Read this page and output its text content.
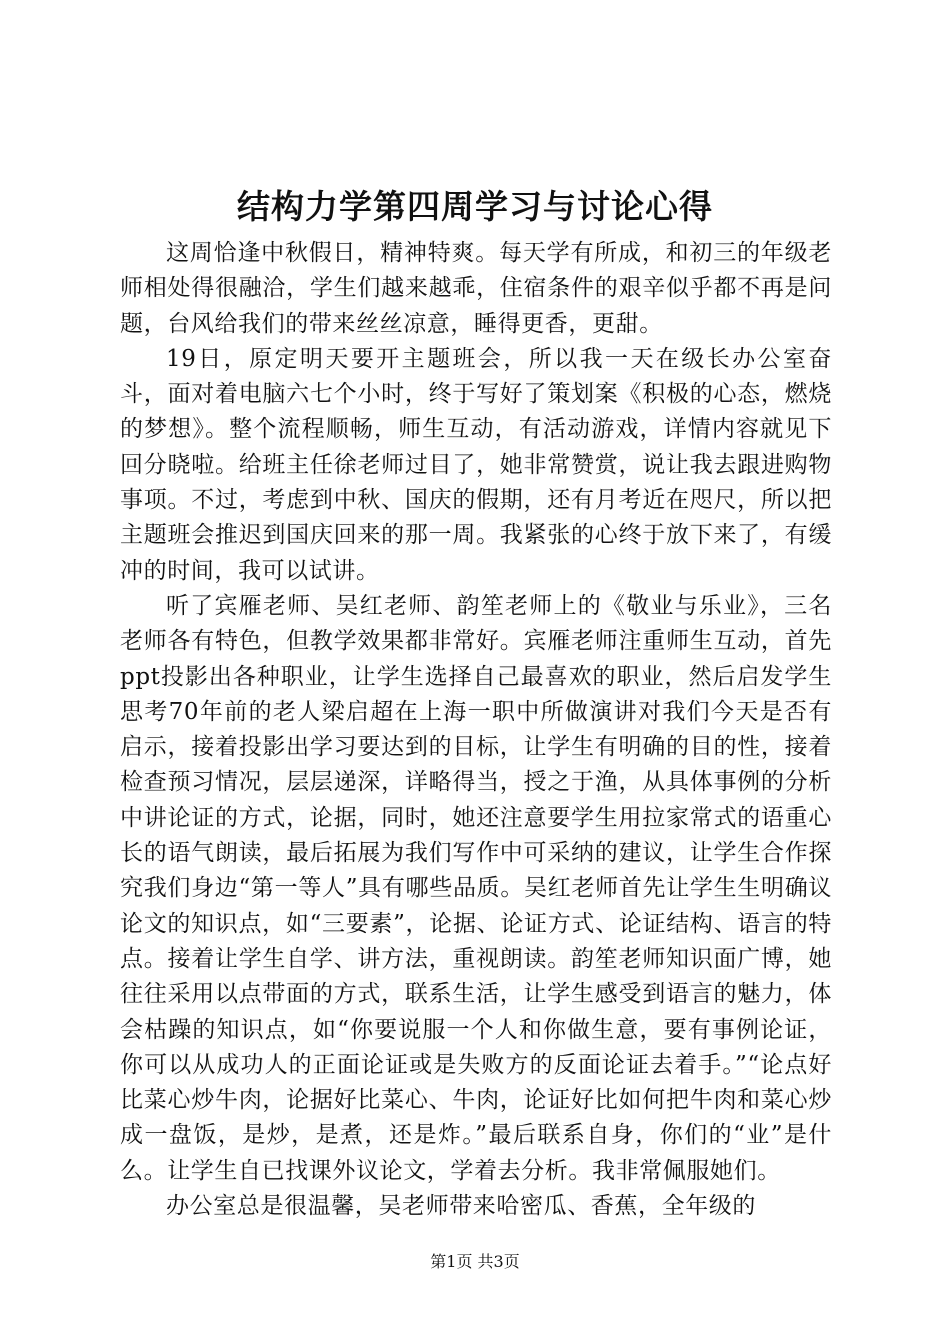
结构力学第四周学习与讨论心得

这周恰逢中秋假日，精神特爽。每天学有所成，和初三的年级老师相处得很融洽，学生们越来越乖，住宿条件的艰辛似乎都不再是问题，台风给我们的带来丝丝凉意，睡得更香，更甜。

19日，原定明天要开主题班会，所以我一天在级长办公室奋斗，面对着电脑六七个小时，终于写好了策划案《积极的心态，燃烧的梦想》。整个流程顺畅，师生互动，有活动游戏，详情内容就见下回分晓啦。给班主任徐老师过目了，她非常赞赏，说让我去跟进购物事项。不过，考虑到中秋、国庆的假期，还有月考近在咫尺，所以把主题班会推迟到国庆回来的那一周。我紧张的心终于放下来了，有缓冲的时间，我可以试讲。

听了宾雁老师、吴红老师、韵笙老师上的《敬业与乐业》，三名老师各有特色，但教学效果都非常好。宾雁老师注重师生互动，首先ppt投影出各种职业，让学生选择自己最喜欢的职业，然后启发学生思考70年前的老人梁启超在上海一职中所做演讲对我们今天是否有启示，接着投影出学习要达到的目标，让学生有明确的目的性，接着检查预习情况，层层递深，详略得当，授之于渔，从具体事例的分析中讲论证的方式，论据，同时，她还注意要学生用拉家常式的语重心长的语气朗读，最后拓展为我们写作中可采纳的建议，让学生合作探究我们身边“第一等人”具有哪些品质。吴红老师首先让学生生明确议论文的知识点，如“三要素”，论据、论证方式、论证结构、语言的特点。接着让学生自学、讲方法，重视朗读。韵笙老师知识面广博，她往往采用以点带面的方式，联系生活，让学生感受到语言的魅力，体会枯躁的知识点，如“你要说服一个人和你做生意，要有事例论证，你可以从成功人的正面论证或是失败方的反面论证去着手。”“论点好比菜心炒牛肉，论据好比菜心、牛肉，论证好比如何把牛肉和菜心炒成一盘饭，是炒，是煮，还是炸。”最后联系自身，你们的“业”是什么。让学生自已找课外议论文，学着去分析。我非常佩服她们。

办公室总是很温馨，吴老师带来哈密瓜、香蕉，全年级的

第1页 共3页
